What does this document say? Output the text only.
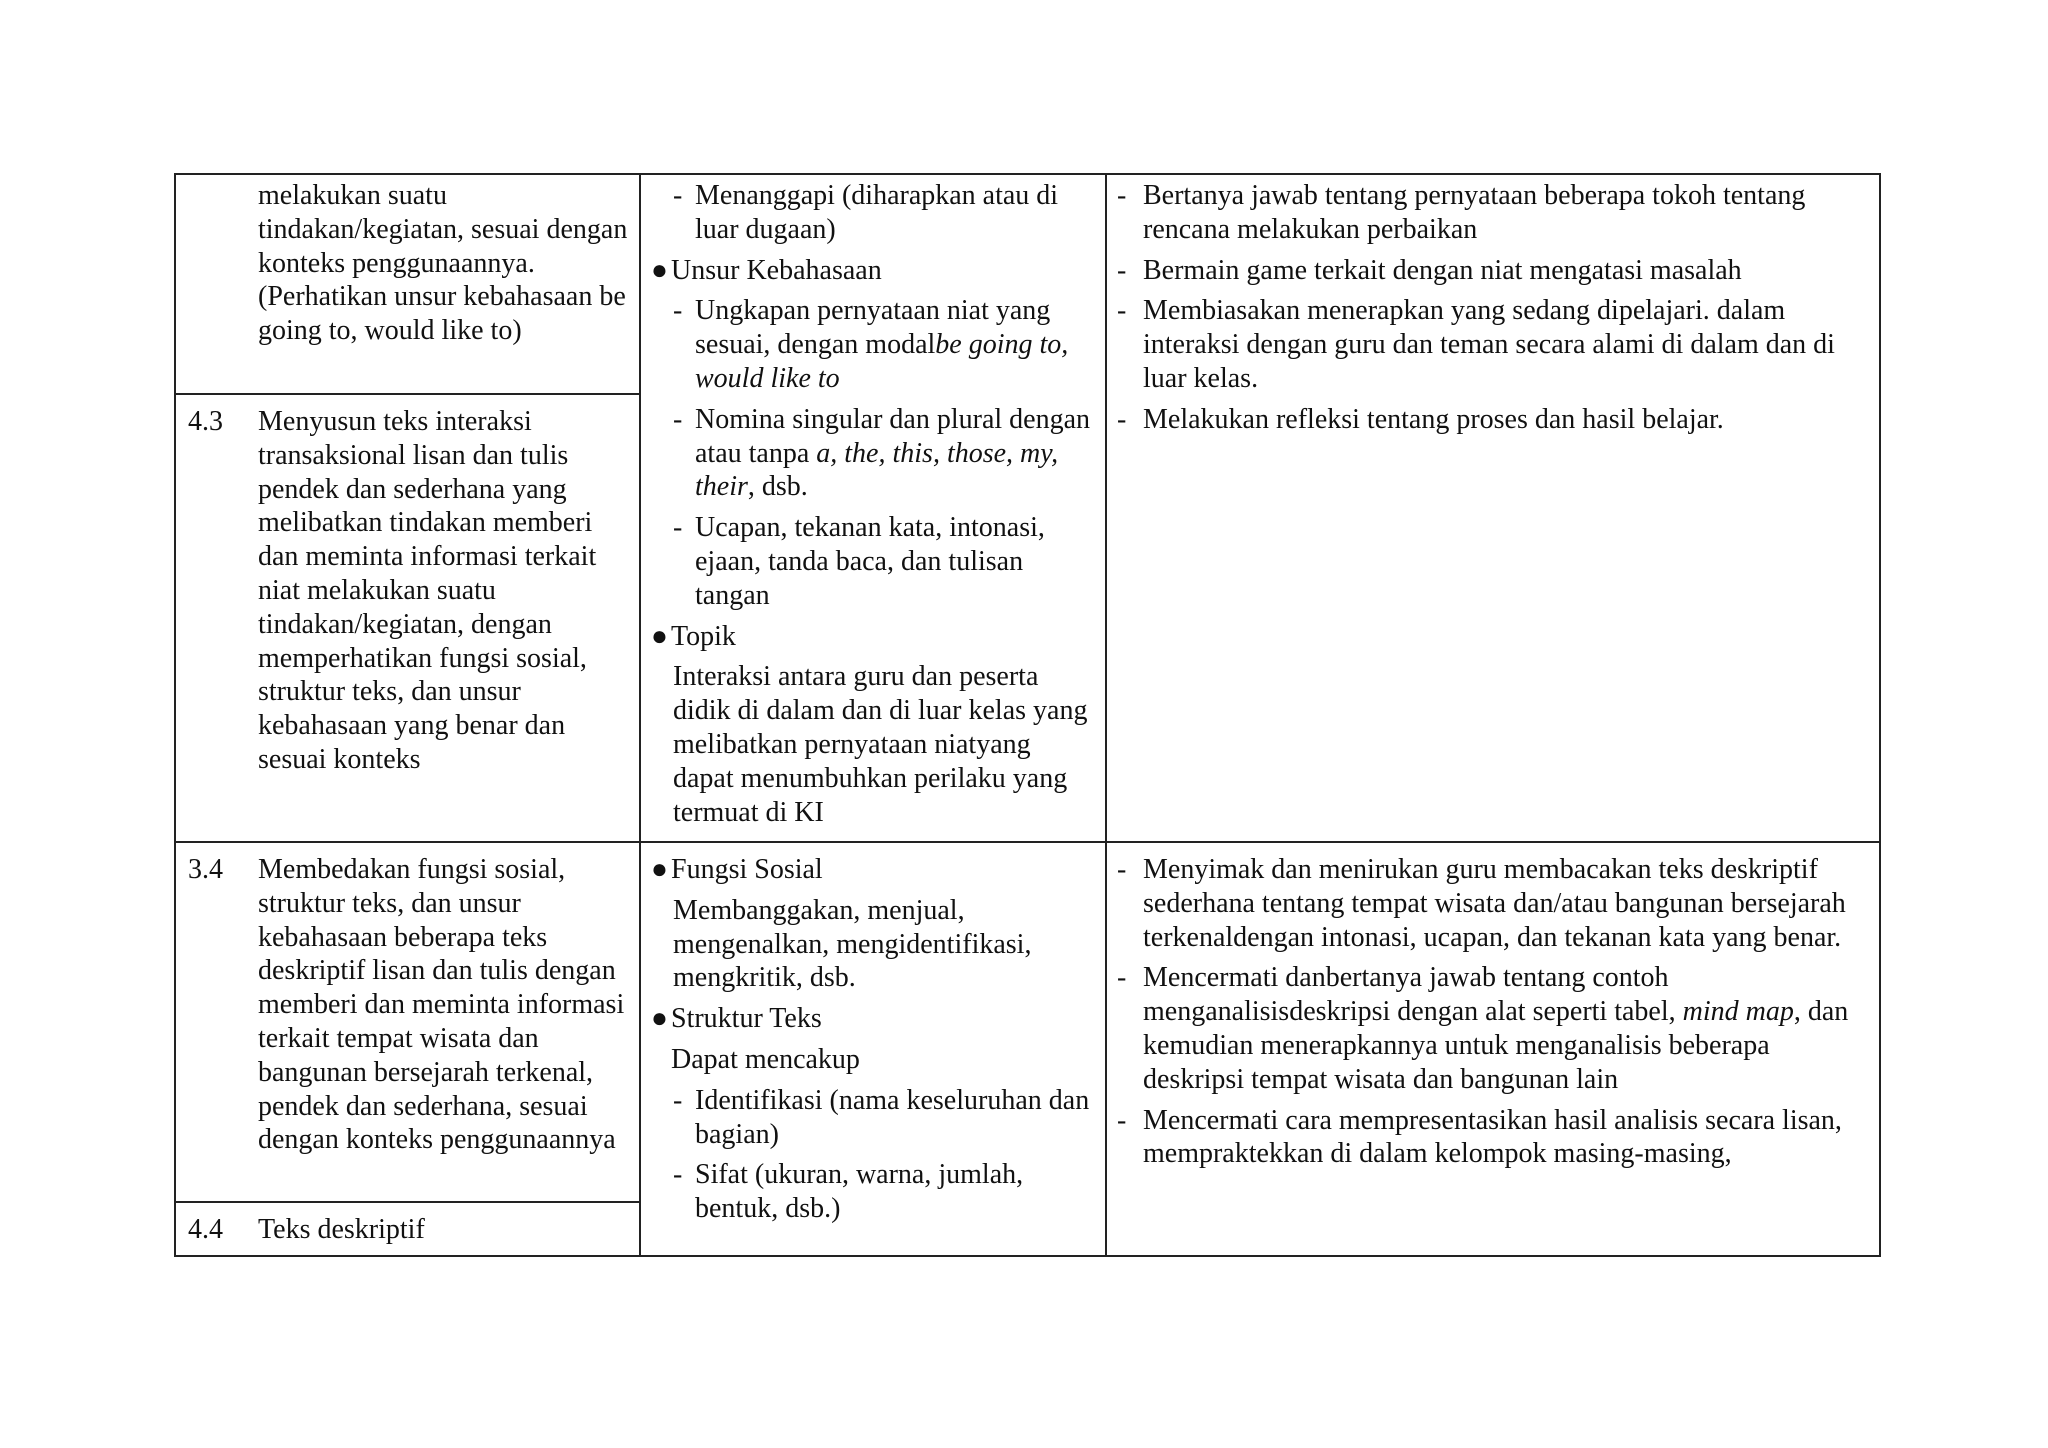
melakukan suatu tindakan/kegiatan, sesuai dengan konteks penggunaannya. (Perhatikan unsur kebahasaan be going to, would like to)
4.3 Menyusun teks interaksi transaksional lisan dan tulis pendek dan sederhana yang melibatkan tindakan memberi dan meminta informasi terkait niat melakukan suatu tindakan/kegiatan, dengan memperhatikan fungsi sosial, struktur teks, dan unsur kebahasaan yang benar dan sesuai konteks
- Menanggapi (diharapkan atau di luar dugaan)
● Unsur Kebahasaan
- Ungkapan pernyataan niat yang sesuai, dengan modalbe going to, would like to
- Nomina singular dan plural dengan atau tanpa a, the, this, those, my, their, dsb.
- Ucapan, tekanan kata, intonasi, ejaan, tanda baca, dan tulisan tangan
● Topik
Interaksi antara guru dan peserta didik di dalam dan di luar kelas yang melibatkan pernyataan niatyang dapat menumbuhkan perilaku yang termuat di KI
- Bertanya jawab tentang pernyataan beberapa tokoh tentang rencana melakukan perbaikan
- Bermain game terkait dengan niat mengatasi masalah
- Membiasakan menerapkan yang sedang dipelajari. dalam interaksi dengan guru dan teman secara alami di dalam dan di luar kelas.
- Melakukan refleksi tentang proses dan hasil belajar.
3.4 Membedakan fungsi sosial, struktur teks, dan unsur kebahasaan beberapa teks deskriptif lisan dan tulis dengan memberi dan meminta informasi terkait tempat wisata dan bangunan bersejarah terkenal, pendek dan sederhana, sesuai dengan konteks penggunaannya
4.4 Teks deskriptif
● Fungsi Sosial
Membanggakan, menjual, mengenalkan, mengidentifikasi, mengkritik, dsb.
● Struktur Teks
Dapat mencakup
- Identifikasi (nama keseluruhan dan bagian)
- Sifat (ukuran, warna, jumlah, bentuk, dsb.)
- Menyimak dan menirukan guru membacakan teks deskriptif sederhana tentang tempat wisata dan/atau bangunan bersejarah terkenaldengan intonasi, ucapan, dan tekanan kata yang benar.
- Mencermati danbertanya jawab tentang contoh menganalisisdeskripsi dengan alat seperti tabel, mind map, dan kemudian menerapkannya untuk menganalisis beberapa deskripsi tempat wisata dan bangunan lain
- Mencermati cara mempresentasikan hasil analisis secara lisan, mempraktekkan di dalam kelompok masing-masing,
